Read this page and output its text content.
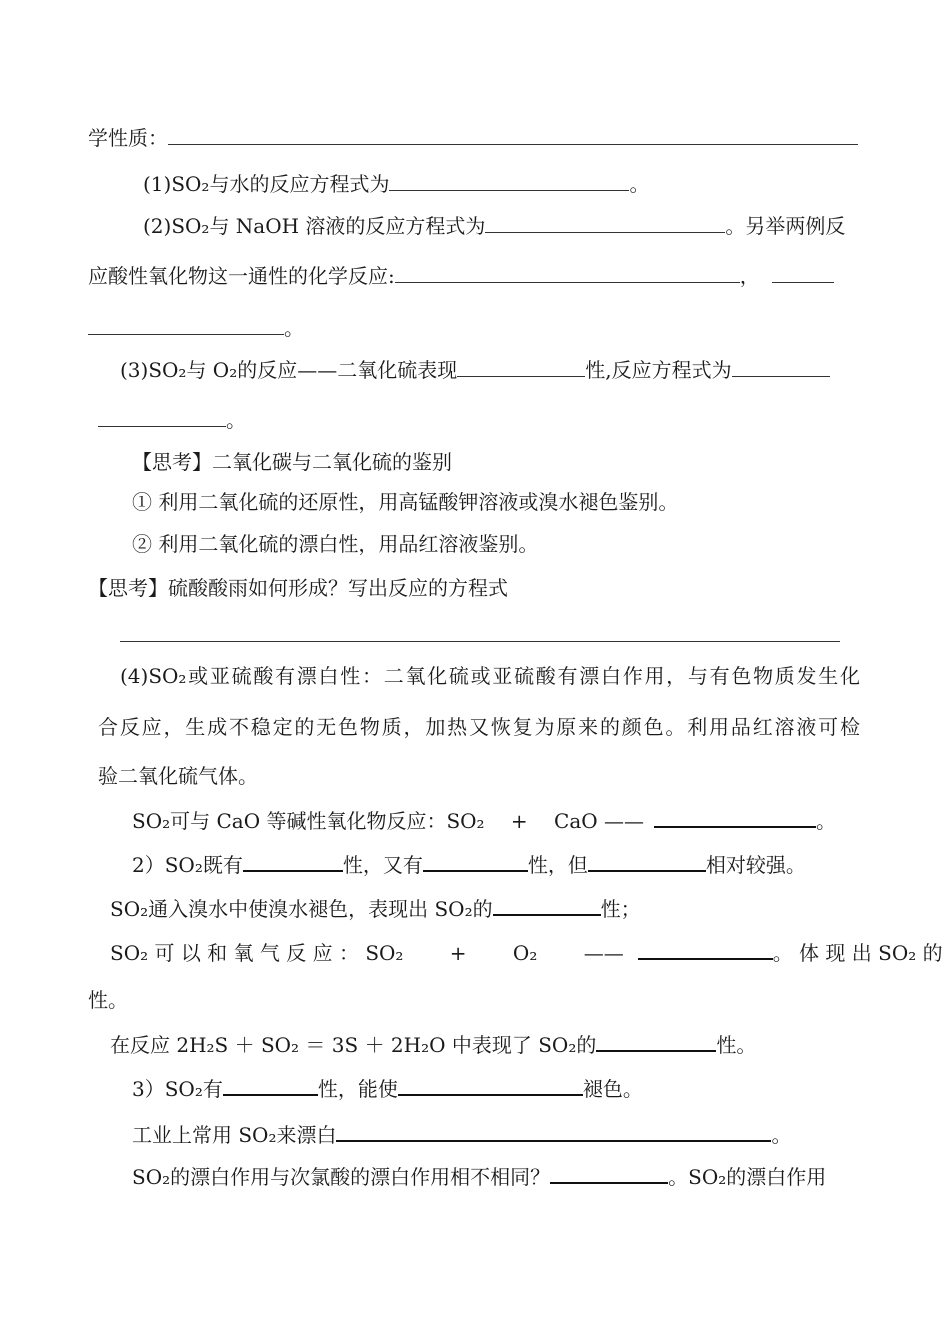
学性质：
(1)SO₂与水的反应方程式为	。
(2)SO₂与 NaOH 溶液的反应方程式为	。另举两例反
应酸性氧化物这一通性的化学反应:	，
。
(3)SO₂与 O₂的反应——二氧化硫表现	性,反应方程式为
。
【思考】二氧化碳与二氧化硫的鉴别
① 利用二氧化硫的还原性，用高锰酸钾溶液或溴水褪色鉴别。
② 利用二氧化硫的漂白性，用品红溶液鉴别。
【思考】硫酸酸雨如何形成？写出反应的方程式
(4)SO₂或亚硫酸有漂白性：二氧化硫或亚硫酸有漂白作用，与有色物质发生化
合反应，生成不稳定的无色物质，加热又恢复为原来的颜色。利用品红溶液可检
验二氧化硫气体。
SO₂可与 CaO 等碱性氧化物反应：SO₂　 +　 CaO ——	。
2）SO₂既有	性，又有	性，但	相对较强。
SO₂通入溴水中使溴水褪色，表现出 SO₂的	性；
SO₂ 可 以 和 氧 气 反 应 ： SO₂　 　+　 　O₂　 　——	。 体 现 出 SO₂ 的
性。
在反应 2H₂S ＋ SO₂ ＝ 3S ＋ 2H₂O 中表现了 SO₂的	性。
3）SO₂有	性，能使	褪色。
工业上常用 SO₂来漂白	。
SO₂的漂白作用与次氯酸的漂白作用相不相同？	。SO₂的漂白作用
